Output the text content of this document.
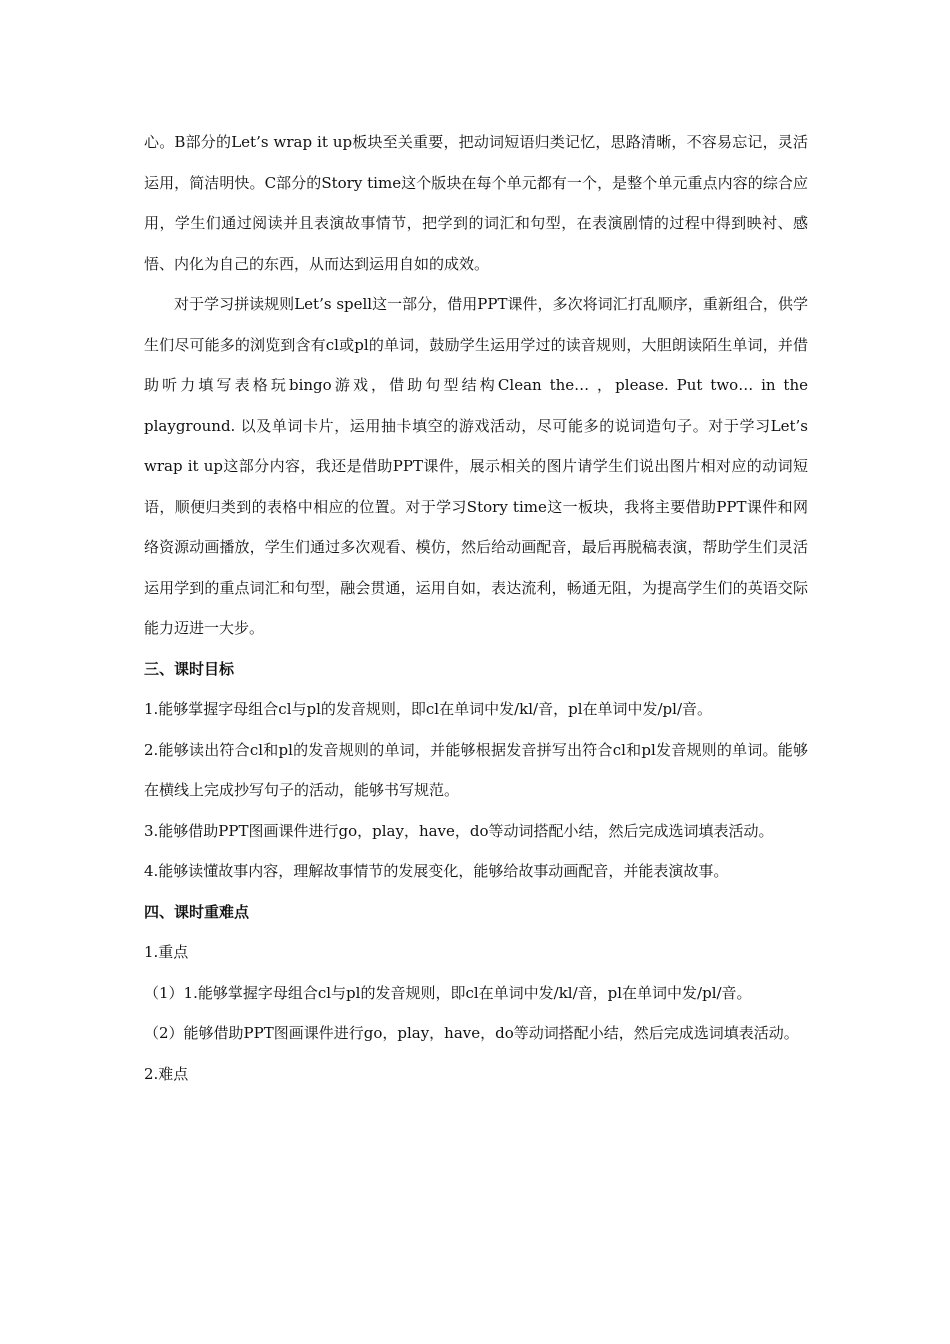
心。B部分的Let’s wrap it up板块至关重要，把动词短语归类记忆，思路清晰，不容易忘记，灵活运用，简洁明快。C部分的Story time这个版块在每个单元都有一个，是整个单元重点内容的综合应用，学生们通过阅读并且表演故事情节，把学到的词汇和句型，在表演剧情的过程中得到映衬、感悟、内化为自己的东西，从而达到运用自如的成效。

对于学习拼读规则Let’s spell这一部分，借用PPT课件，多次将词汇打乱顺序，重新组合，供学生们尽可能多的浏览到含有cl或pl的单词，鼓励学生运用学过的读音规则，大胆朗读陌生单词，并借助听力填写表格玩bingo游戏，借助句型结构Clean the… ，please. Put two… in the playground. 以及单词卡片，运用抽卡填空的游戏活动，尽可能多的说词造句子。对于学习Let’s wrap it up这部分内容，我还是借助PPT课件，展示相关的图片请学生们说出图片相对应的动词短语，顺便归类到的表格中相应的位置。对于学习Story time这一板块，我将主要借助PPT课件和网络资源动画播放，学生们通过多次观看、模仿，然后给动画配音，最后再脱稿表演，帮助学生们灵活运用学到的重点词汇和句型，融会贯通，运用自如，表达流利，畅通无阻，为提高学生们的英语交际能力迈进一大步。

三、课时目标

1.能够掌握字母组合cl与pl的发音规则，即cl在单词中发/kl/音，pl在单词中发/pl/音。

2.能够读出符合cl和pl的发音规则的单词，并能够根据发音拼写出符合cl和pl发音规则的单词。能够在横线上完成抄写句子的活动，能够书写规范。

3.能够借助PPT图画课件进行go，play，have，do等动词搭配小结，然后完成选词填表活动。

4.能够读懂故事内容，理解故事情节的发展变化，能够给故事动画配音，并能表演故事。

四、课时重难点

1.重点

（1）1.能够掌握字母组合cl与pl的发音规则，即cl在单词中发/kl/音，pl在单词中发/pl/音。

（2）能够借助PPT图画课件进行go，play，have，do等动词搭配小结，然后完成选词填表活动。

2.难点
